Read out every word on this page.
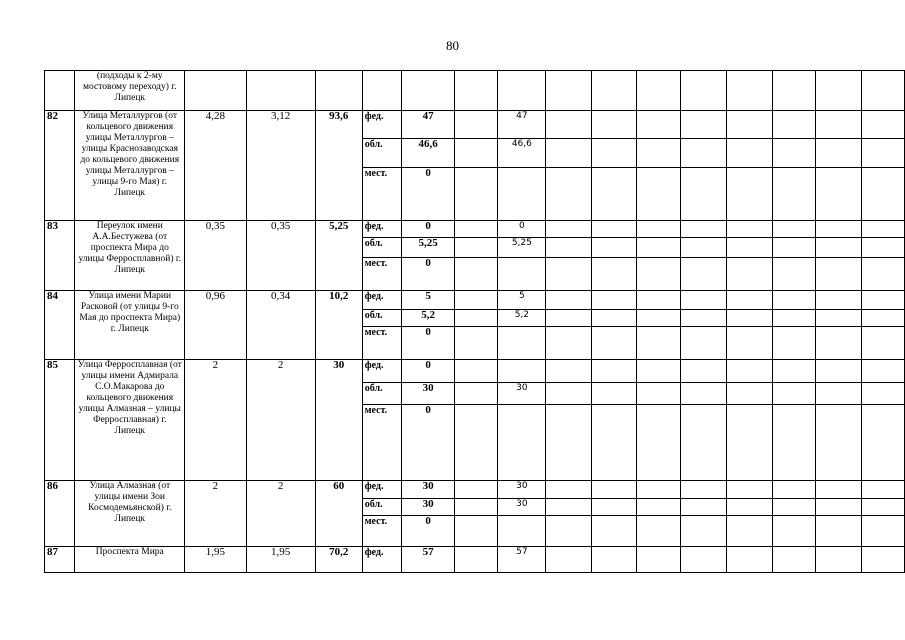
80
	(подходы к 2-му мостовому переходу) г. Липецк															
82	Улица Металлургов (от кольцевого движения улицы Металлургов – улицы Краснозаводская до кольцевого движения улицы Металлургов – улицы 9-го Мая) г. Липецк	4,28	3,12	93,6	фед.	47		47								
					обл.	46,6		46,6								
					мест.	0										
83	Переулок имени А.А.Бестужева (от проспекта Мира до улицы Ферросплавной) г. Липецк	0,35	0,35	5,25	фед.	0		0								
					обл.	5,25		5,25								
					мест.	0										
84	Улица имени Марии Расковой (от улицы 9-го Мая до проспекта Мира) г. Липецк	0,96	0,34	10,2	фед.	5		5								
					обл.	5,2		5,2								
					мест.	0										
85	Улица Ферросплавная (от улицы имени Адмирала С.О.Макарова до кольцевого движения улицы Алмазная – улицы Ферросплавная) г. Липецк	2	2	30	фед.	0										
					обл.	30		30								
					мест.	0										
86	Улица Алмазная (от улицы имени Зои Космодемьянской) г. Липецк	2	2	60	фед.	30		30								
					обл.	30		30								
					мест.	0										
87	Проспекта Мира	1,95	1,95	70,2	фед.	57		57								
